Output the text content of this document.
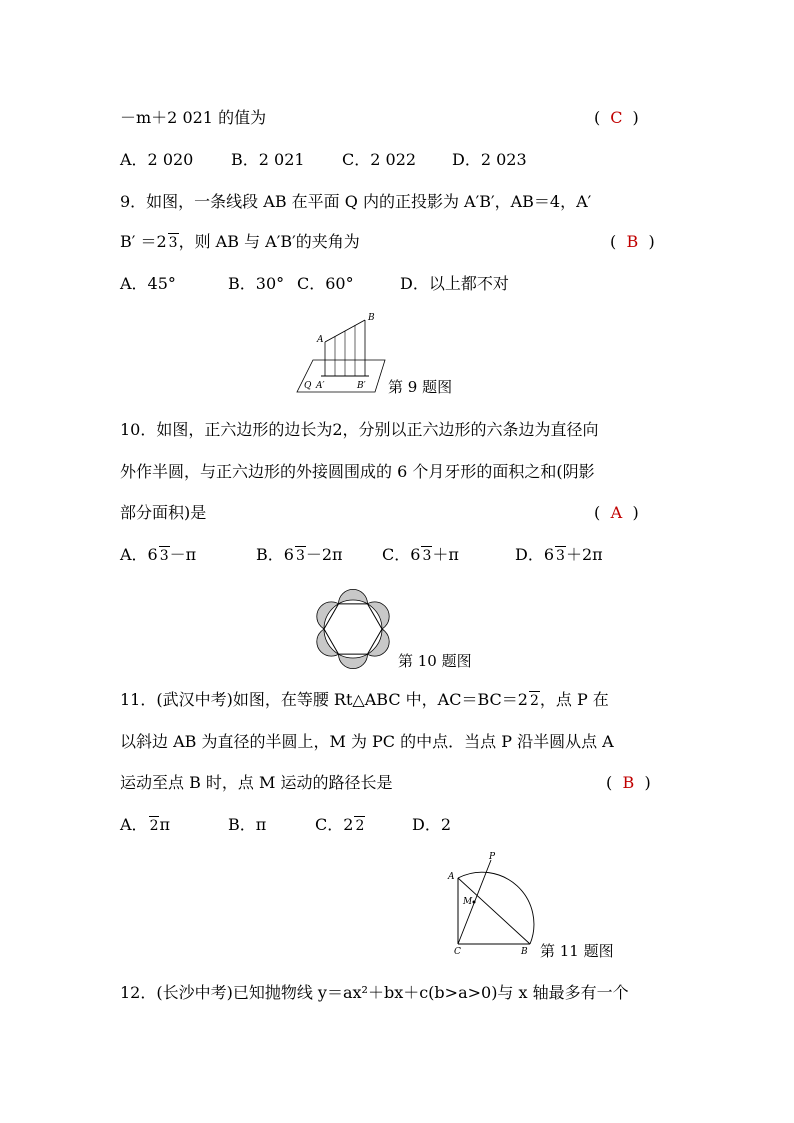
－m＋2 021 的值为	( C )
A．2 020 B．2 021 C．2 022 D．2 023
9．如图，一条线段 AB 在平面 Q 内的正投影为 A′B′，AB＝4，A′
B′ ＝2 3，则 AB 与 A′B′的夹角为	( B )
A．45°	B．30° C．60°	D．以上都不对
A
B
Q A′	B′ 第 9 题图
10．如图，正六边形的边长为2，分别以正六边形的六条边为直径向
外作半圆，与正六边形的外接圆围成的 6 个月牙形的面积之和(阴影
部分面积)是	( A )
A．6 3－π	B．6 3－2π C．6 3＋π	D．6 3＋2π
第 10 题图
11．(武汉中考)如图，在等腰 Rt△ABC 中，AC＝BC＝2 2，点 P 在
以斜边 AB 为直径的半圆上，M 为 PC 的中点．当点 P 沿半圆从点 A
运动至点 B 时，点 M 运动的路径长是	( B )
A． 2π	B．π	C．2 2	D．2
A
P
M
C	B 第 11 题图
12．(长沙中考)已知抛物线 y＝ax²＋bx＋c(b>a>0)与 x 轴最多有一个
